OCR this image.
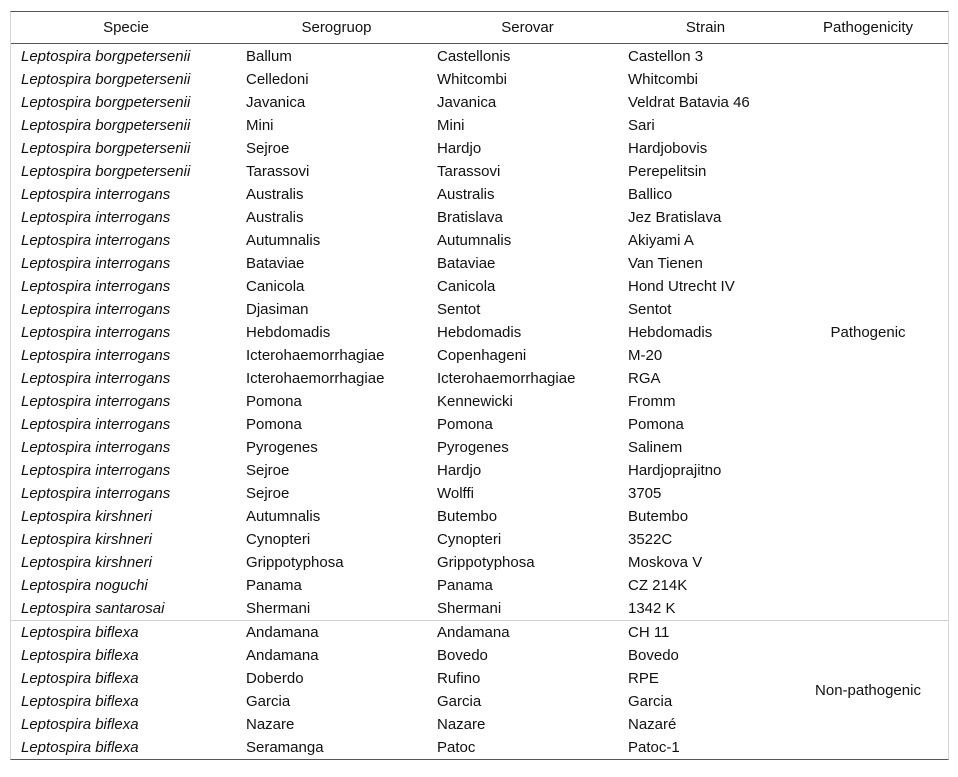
Specie	Serogruop	Serovar	Strain	Pathogenicity
Leptospira borgpetersenii	Ballum	Castellonis	Castellon 3	Pathogenic
Leptospira borgpetersenii	Celledoni	Whitcombi	Whitcombi	
Leptospira borgpetersenii	Javanica	Javanica	Veldrat Batavia 46	
Leptospira borgpetersenii	Mini	Mini	Sari	
Leptospira borgpetersenii	Sejroe	Hardjo	Hardjobovis	
Leptospira borgpetersenii	Tarassovi	Tarassovi	Perepelitsin	
Leptospira interrogans	Australis	Australis	Ballico	
Leptospira interrogans	Australis	Bratislava	Jez Bratislava	
Leptospira interrogans	Autumnalis	Autumnalis	Akiyami A	
Leptospira interrogans	Bataviae	Bataviae	Van Tienen	
Leptospira interrogans	Canicola	Canicola	Hond Utrecht IV	
Leptospira interrogans	Djasiman	Sentot	Sentot	
Leptospira interrogans	Hebdomadis	Hebdomadis	Hebdomadis	
Leptospira interrogans	Icterohaemorrhagiae	Copenhageni	M-20	
Leptospira interrogans	Icterohaemorrhagiae	Icterohaemorrhagiae	RGA	
Leptospira interrogans	Pomona	Kennewicki	Fromm	
Leptospira interrogans	Pomona	Pomona	Pomona	
Leptospira interrogans	Pyrogenes	Pyrogenes	Salinem	
Leptospira interrogans	Sejroe	Hardjo	Hardjoprajitno	
Leptospira interrogans	Sejroe	Wolffi	3705	
Leptospira kirshneri	Autumnalis	Butembo	Butembo	
Leptospira kirshneri	Cynopteri	Cynopteri	3522C	
Leptospira kirshneri	Grippotyphosa	Grippotyphosa	Moskova V	
Leptospira noguchi	Panama	Panama	CZ 214K	
Leptospira santarosai	Shermani	Shermani	1342 K	
Leptospira biflexa	Andamana	Andamana	CH 11	Non-pathogenic
Leptospira biflexa	Andamana	Bovedo	Bovedo	
Leptospira biflexa	Doberdo	Rufino	RPE	
Leptospira biflexa	Garcia	Garcia	Garcia	
Leptospira biflexa	Nazare	Nazare	Nazaré	
Leptospira biflexa	Seramanga	Patoc	Patoc-1	
